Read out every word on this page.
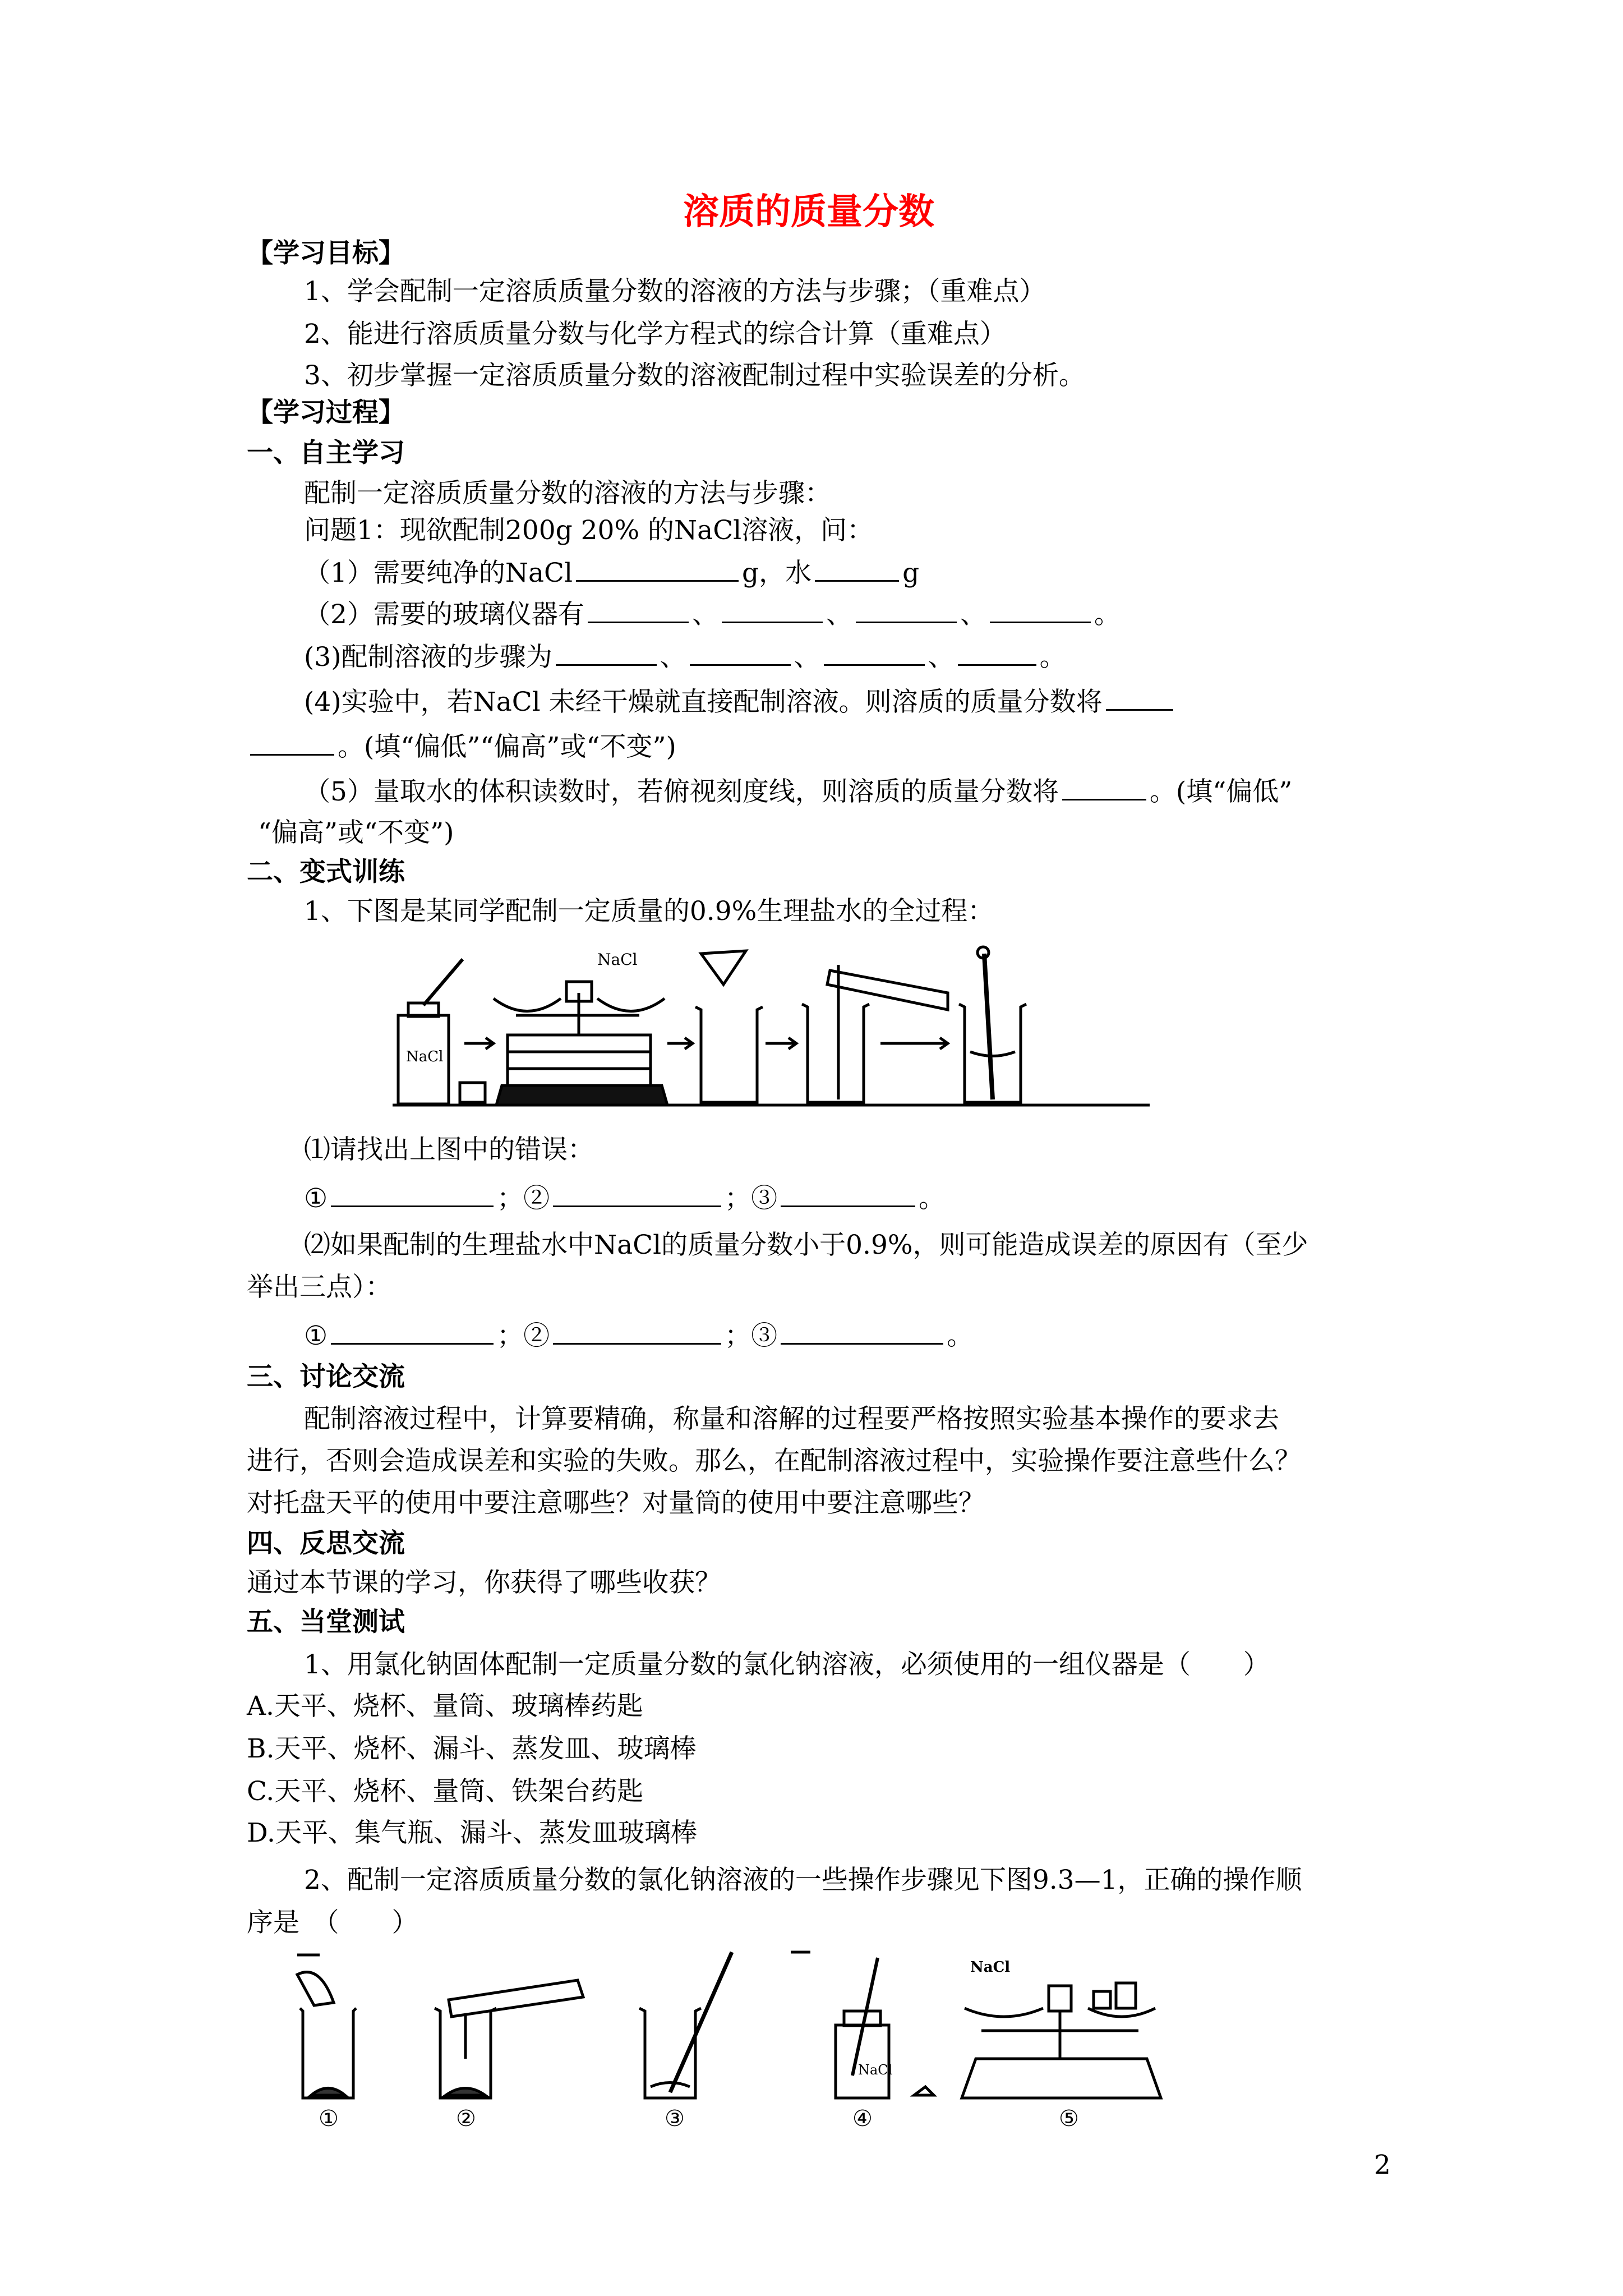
溶质的质量分数
【学习目标】
1、学会配制一定溶质质量分数的溶液的方法与步骤；（重难点）
2、能进行溶质质量分数与化学方程式的综合计算（重难点）
3、初步掌握一定溶质质量分数的溶液配制过程中实验误差的分析。
【学习过程】
一、自主学习
配制一定溶质质量分数的溶液的方法与步骤：
问题1：现欲配制200g 20% 的NaCl溶液，问：
（1）需要纯净的NaCl	g，水	g
（2）需要的玻璃仪器有	、	、	、	。
(3)配制溶液的步骤为	、	、	、	。
(4)实验中，若NaCl 未经干燥就直接配制溶液。则溶质的质量分数将
。(填“偏低”“偏高”或“不变”)
（5）量取水的体积读数时，若俯视刻度线，则溶质的质量分数将	。(填“偏低”
“偏高”或“不变”)
二、变式训练
1、下图是某同学配制一定质量的0.9%生理盐水的全过程：
NaCl
NaCl
⑴请找出上图中的错误：
①	；②	；③	。
⑵如果配制的生理盐水中NaCl的质量分数小于0.9%，则可能造成误差的原因有（至少
举出三点）：
①	；②	；③	。
三、讨论交流
配制溶液过程中，计算要精确，称量和溶解的过程要严格按照实验基本操作的要求去
进行，否则会造成误差和实验的失败。那么，在配制溶液过程中，实验操作要注意些什么？
对托盘天平的使用中要注意哪些？对量筒的使用中要注意哪些？
四、反思交流
通过本节课的学习，你获得了哪些收获？
五、当堂测试
1、用氯化钠固体配制一定质量分数的氯化钠溶液，必须使用的一组仪器是（　　）
A.天平、烧杯、量筒、玻璃棒药匙
B.天平、烧杯、漏斗、蒸发皿、玻璃棒
C.天平、烧杯、量筒、铁架台药匙
D.天平、集气瓶、漏斗、蒸发皿玻璃棒
2、配制一定溶质质量分数的氯化钠溶液的一些操作步骤见下图9.3—1，正确的操作顺
序是　（　　）
NaCl
NaCl
①	②	③	④	⑤
2
